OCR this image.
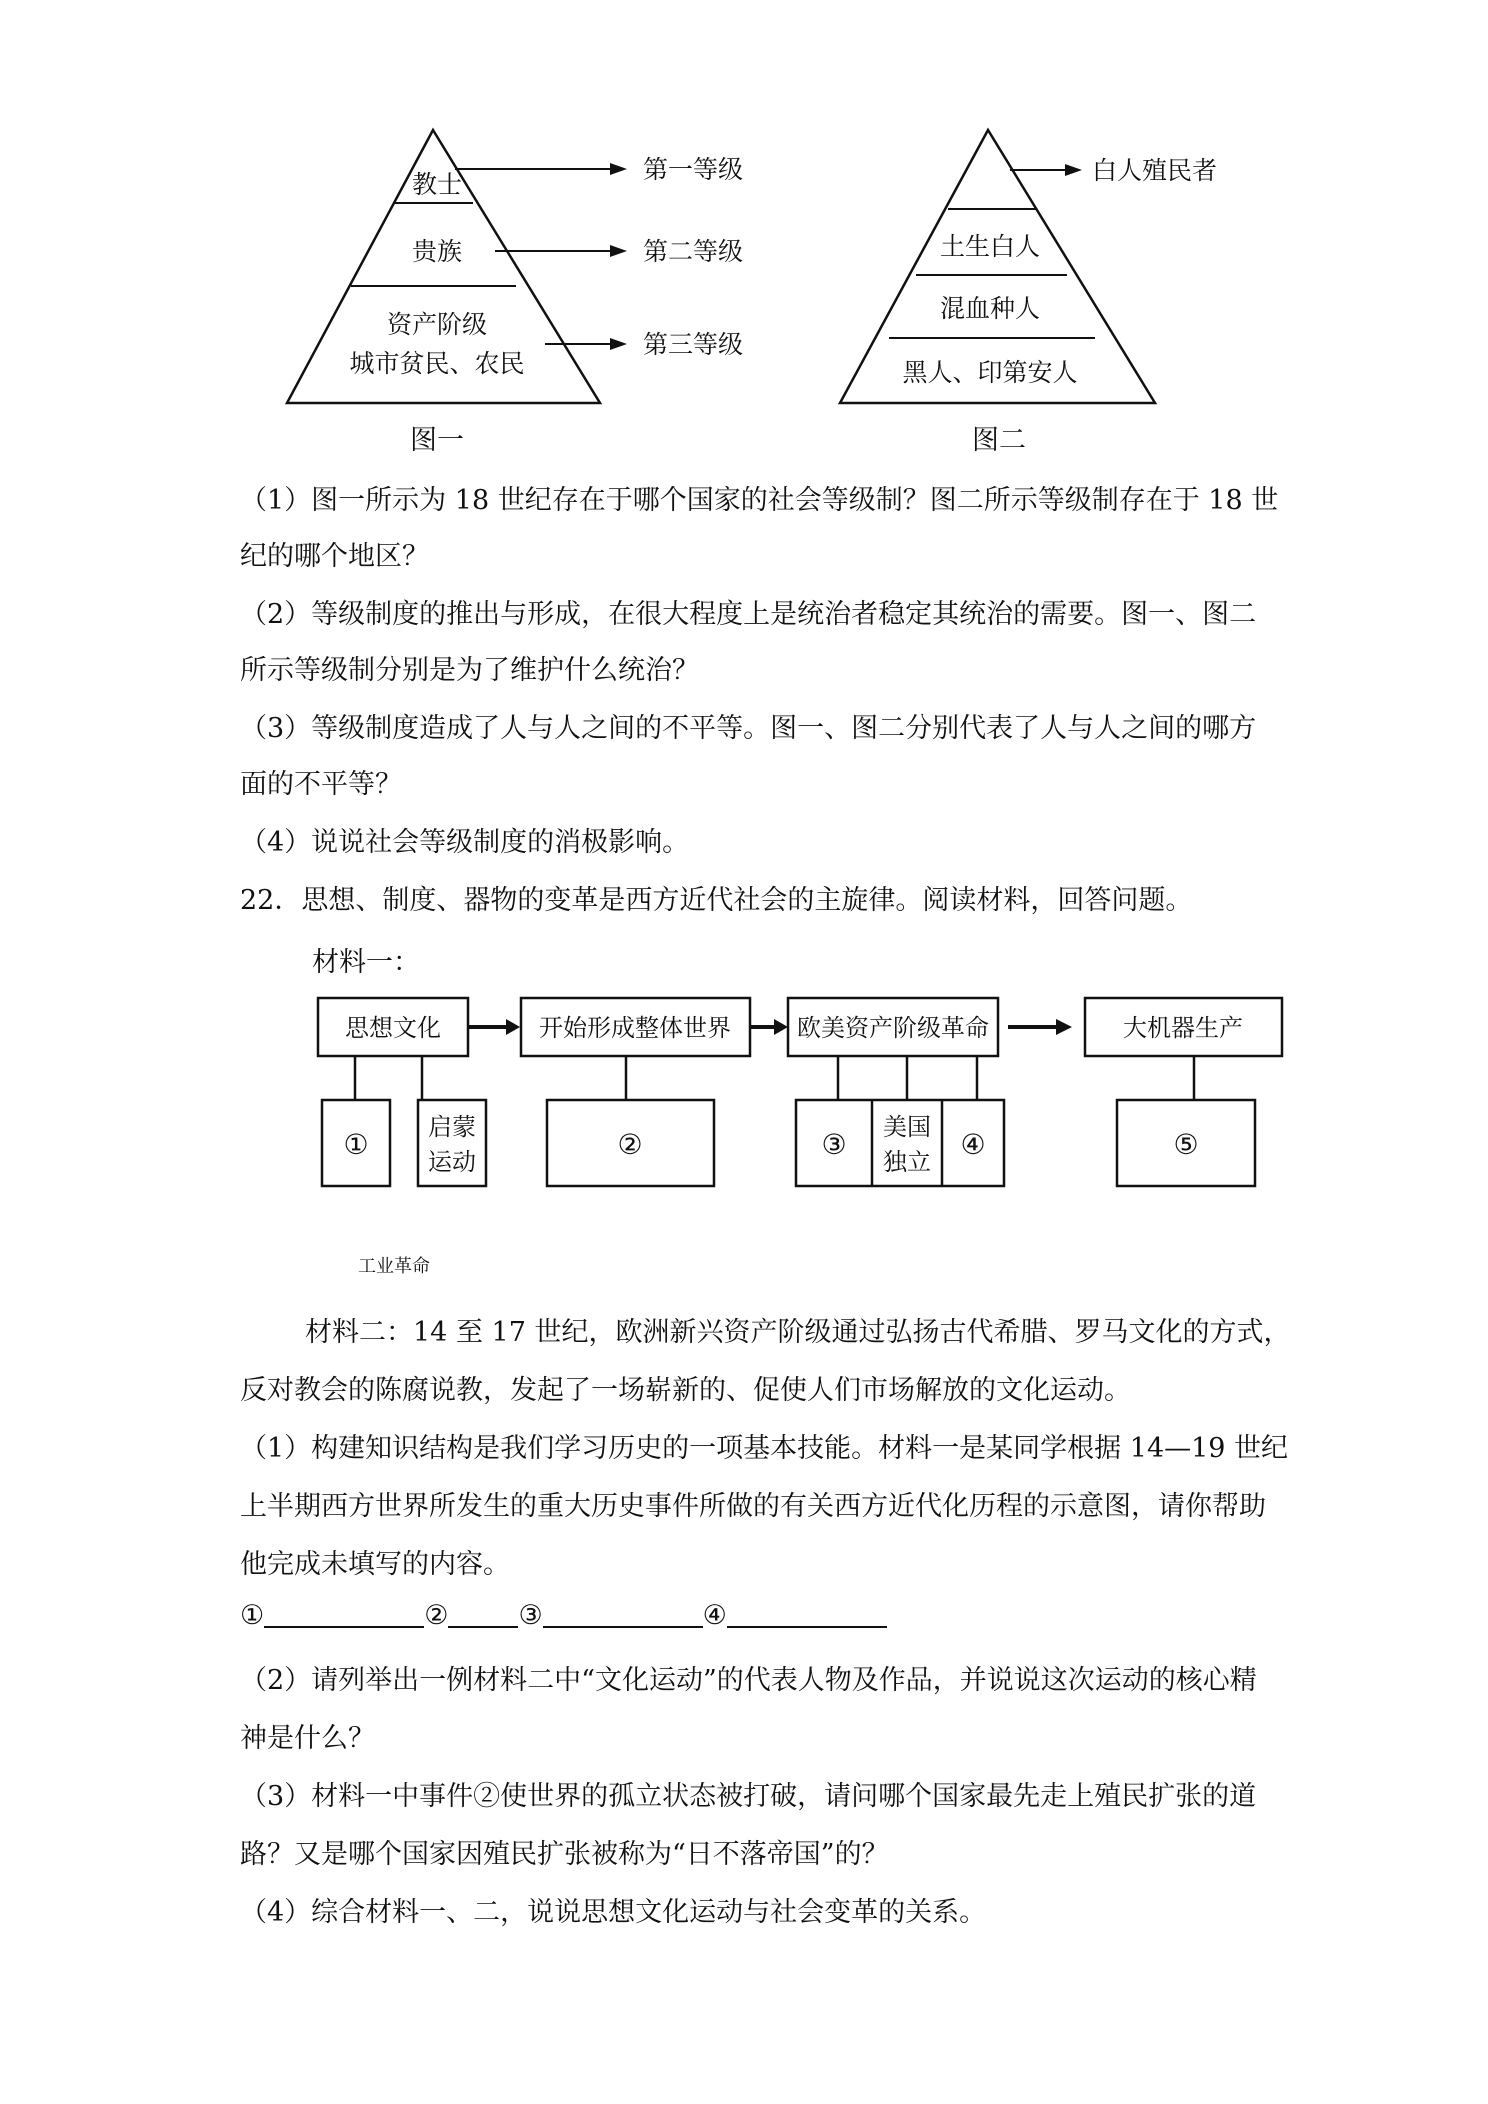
教士
贵族
资产阶级
城市贫民、农民
第一等级
第二等级
第三等级
图一
土生白人
混血种人
黑人、印第安人
白人殖民者
图二
（1）图一所示为 18 世纪存在于哪个国家的社会等级制？图二所示等级制存在于 18 世
纪的哪个地区？
（2）等级制度的推出与形成，在很大程度上是统治者稳定其统治的需要。图一、图二
所示等级制分别是为了维护什么统治？
（3）等级制度造成了人与人之间的不平等。图一、图二分别代表了人与人之间的哪方
面的不平等？
（4）说说社会等级制度的消极影响。
22．思想、制度、器物的变革是西方近代社会的主旋律。阅读材料，回答问题。
材料一：
思想文化	开始形成整体世界	欧美资产阶级革命	大机器生产
①
启蒙
运动
②	③
美国
独立
④	⑤
工业革命
材料二：14 至 17 世纪，欧洲新兴资产阶级通过弘扬古代希腊、罗马文化的方式，
反对教会的陈腐说教，发起了一场崭新的、促使人们市场解放的文化运动。
（1）构建知识结构是我们学习历史的一项基本技能。材料一是某同学根据 14—19 世纪
上半期西方世界所发生的重大历史事件所做的有关西方近代化历程的示意图，请你帮助
他完成未填写的内容。
①	②	③	④
（2）请列举出一例材料二中“文化运动”的代表人物及作品，并说说这次运动的核心精
神是什么？
（3）材料一中事件②使世界的孤立状态被打破，请问哪个国家最先走上殖民扩张的道
路？又是哪个国家因殖民扩张被称为“日不落帝国”的？
（4）综合材料一、二，说说思想文化运动与社会变革的关系。
